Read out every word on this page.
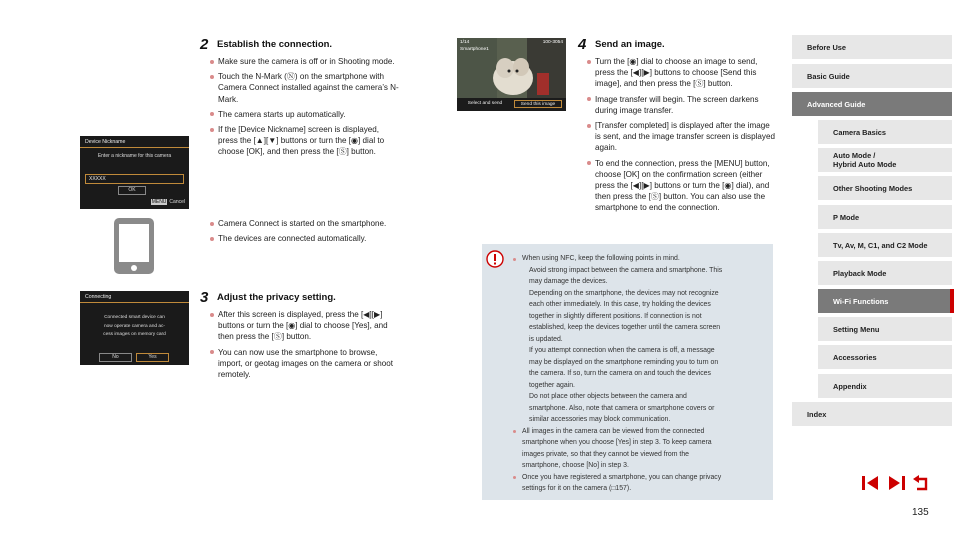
2 Establish the connection.
Make sure the camera is off or in Shooting mode.
Touch the N-Mark (Ⓝ) on the smartphone with Camera Connect installed against the camera’s N-Mark.
The camera starts up automatically.
If the [Device Nickname] screen is displayed, press the [▲][▼] buttons or turn the [◉] dial to choose [OK], and then press the [Ⓢ] button.
Camera Connect is started on the smartphone.
The devices are connected automatically.
Device Nickname
Enter a nickname for this camera
XXXXX
OK
MENU Cancel
3 Adjust the privacy setting.
After this screen is displayed, press the [◀][▶] buttons or turn the [◉] dial to choose [Yes], and then press the [Ⓢ] button.
You can now use the smartphone to browse, import, or geotag images on the camera or shoot remotely.
Connecting
Connected smart device can
now operate camera and ac-
cess images on memory card
No	Yes
4 Send an image.
Turn the [◉] dial to choose an image to send, press the [◀][▶] buttons to choose [Send this image], and then press the [Ⓢ] button.
Image transfer will begin. The screen darkens during image transfer.
[Transfer completed] is displayed after the image is sent, and the image transfer screen is displayed again.
To end the connection, press the [MENU] button, choose [OK] on the confirmation screen (either press the [◀][▶] buttons or turn the [◉] dial), and then press the [Ⓢ] button. You can also use the smartphone to end the connection.
1/14
Smartphone1
100-3054
Select and send	Send this image
When using NFC, keep the following points in mind.
Avoid strong impact between the camera and smartphone. This
may damage the devices.
Depending on the smartphone, the devices may not recognize
each other immediately. In this case, try holding the devices
together in slightly different positions. If connection is not
established, keep the devices together until the camera screen
is updated.
If you attempt connection when the camera is off, a message
may be displayed on the smartphone reminding you to turn on
the camera. If so, turn the camera on and touch the devices
together again.
Do not place other objects between the camera and
smartphone. Also, note that camera or smartphone covers or
similar accessories may block communication.
All images in the camera can be viewed from the connected
smartphone when you choose [Yes] in step 3. To keep camera
images private, so that they cannot be viewed from the
smartphone, choose [No] in step 3.
Once you have registered a smartphone, you can change privacy
settings for it on the camera (□157).
Before Use
Basic Guide
Advanced Guide
Camera Basics
Auto Mode /
Hybrid Auto Mode
Other Shooting Modes
P Mode
Tv, Av, M, C1, and C2 Mode
Playback Mode
Wi-Fi Functions
Setting Menu
Accessories
Appendix
Index
135
